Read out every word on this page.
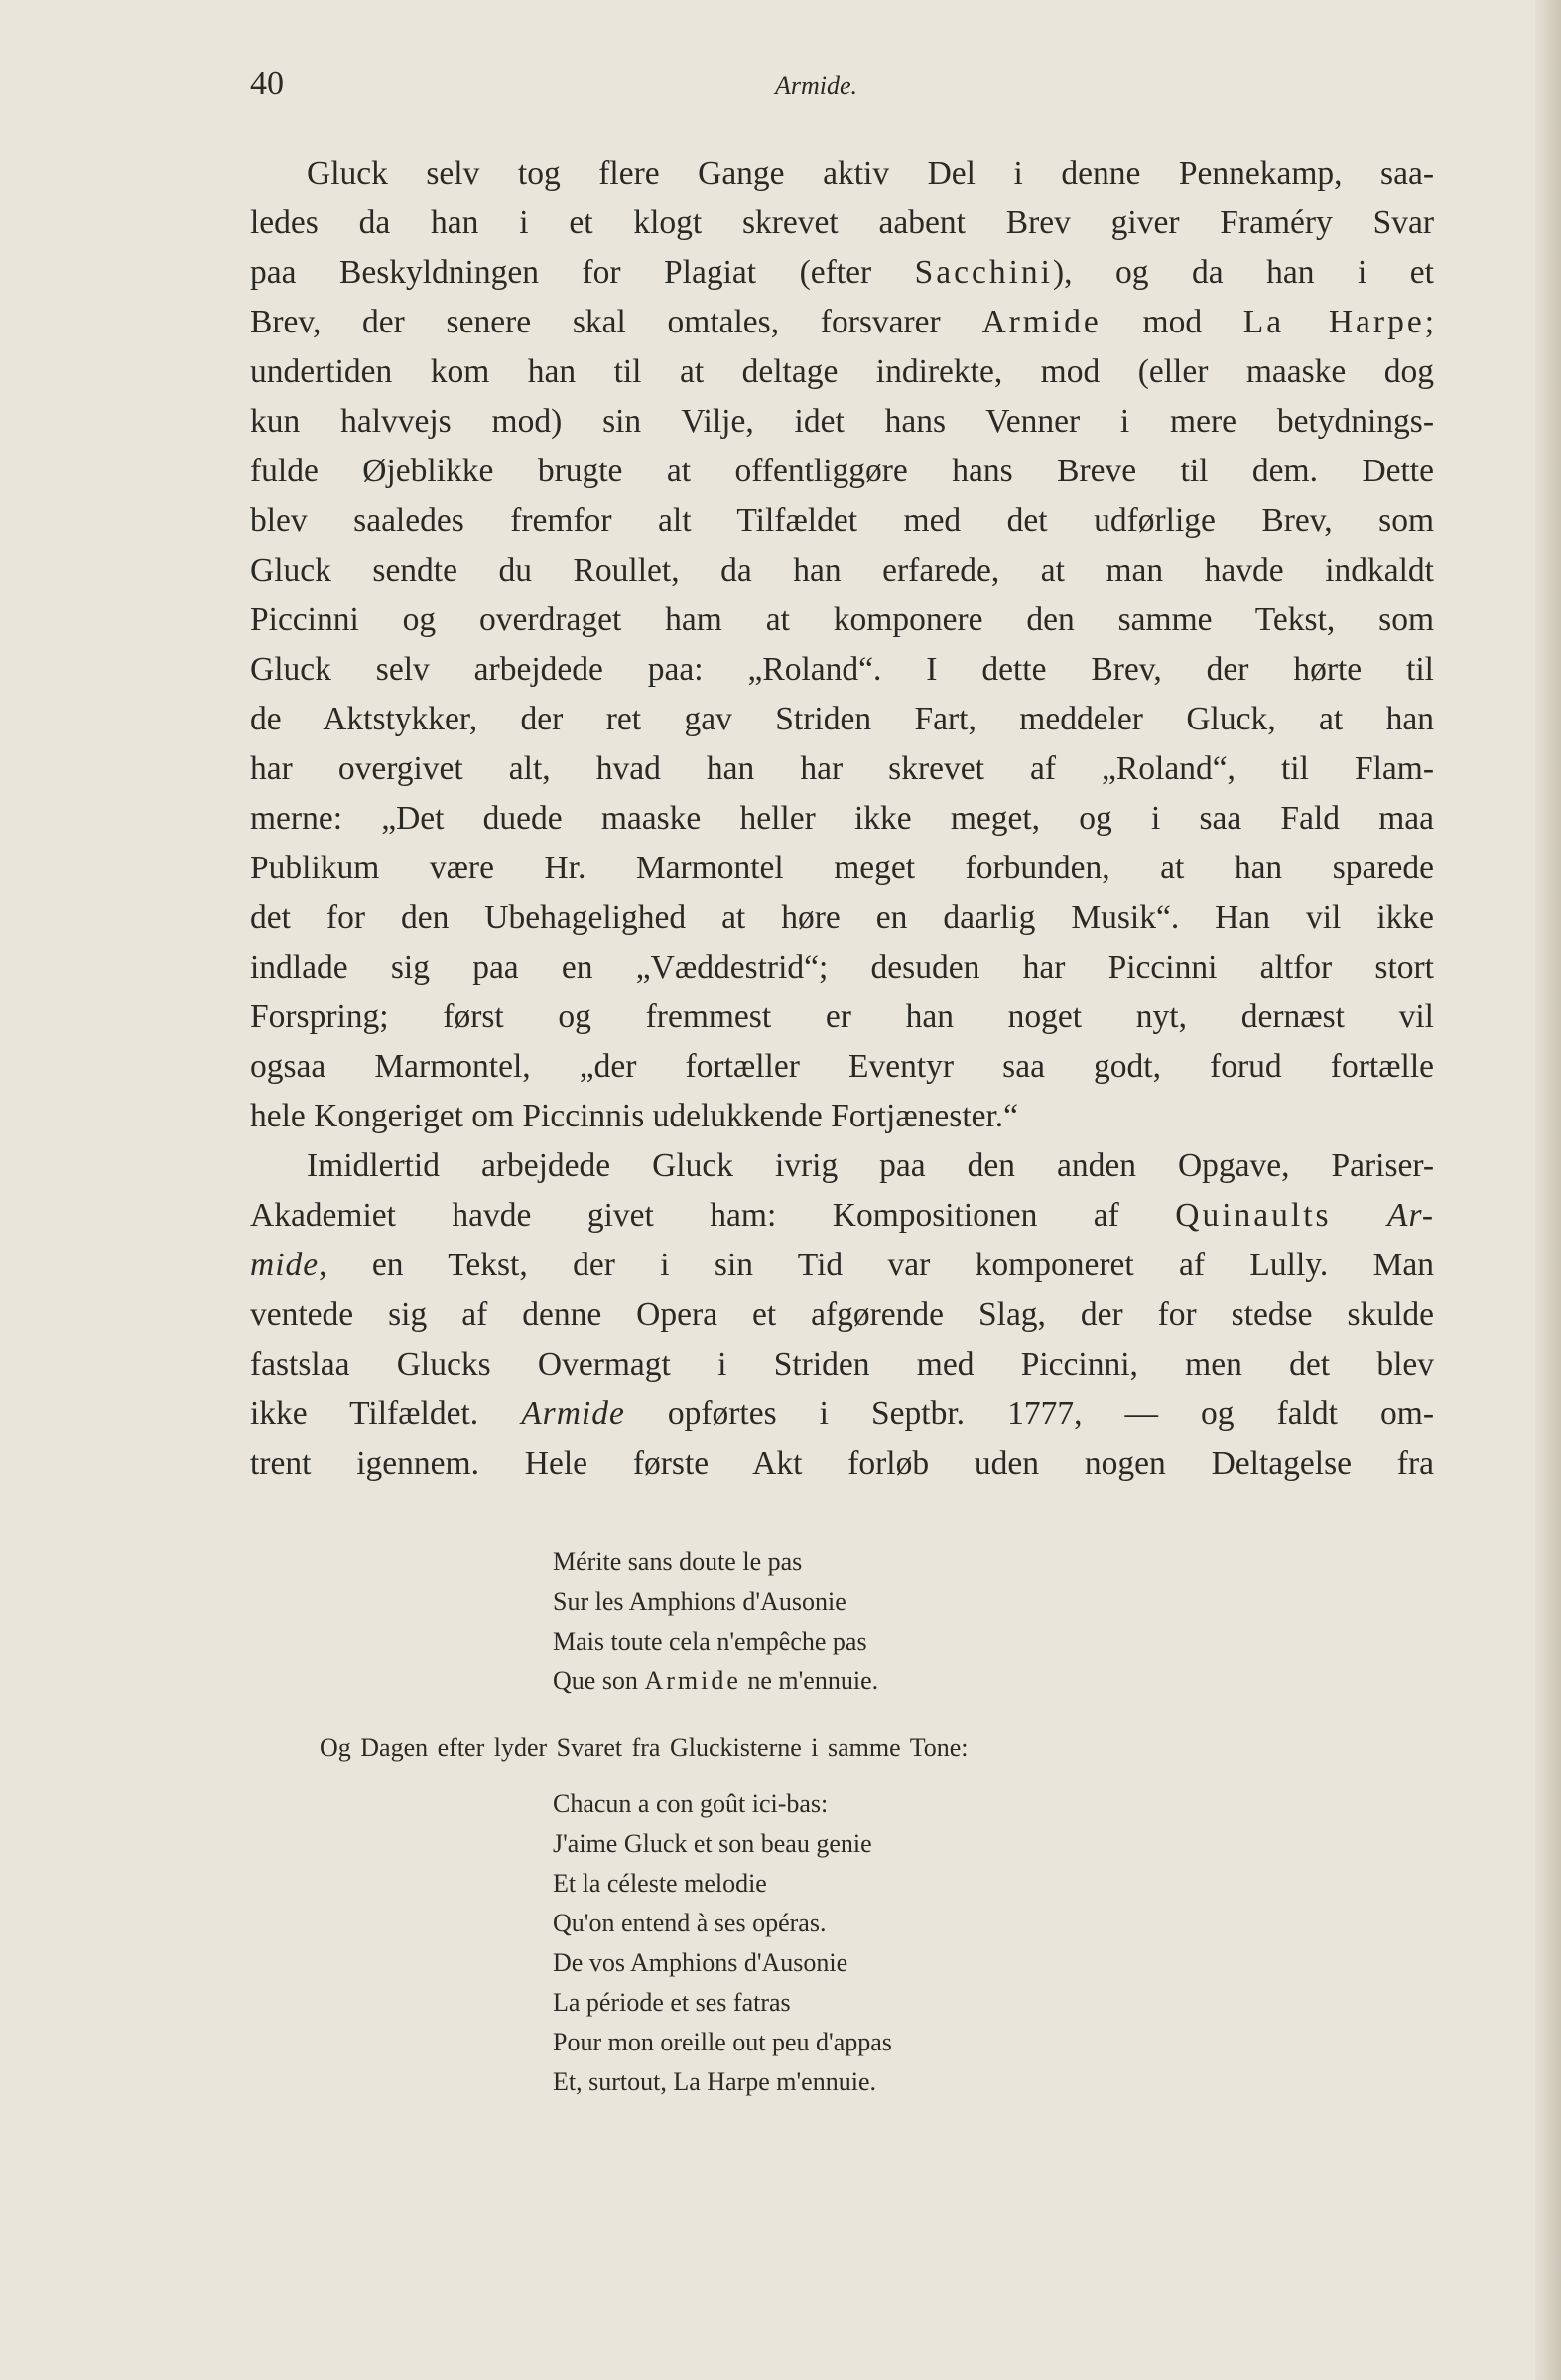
40	Armide.
Gluck selv tog flere Gange aktiv Del i denne Pennekamp, saa-
ledes da han i et klogt skrevet aabent Brev giver Framéry Svar
paa Beskyldningen for Plagiat (efter Sacchini), og da han i et
Brev, der senere skal omtales, forsvarer Armide mod La Harpe;
undertiden kom han til at deltage indirekte, mod (eller maaske dog
kun halvvejs mod) sin Vilje, idet hans Venner i mere betydnings-
fulde Øjeblikke brugte at offentliggøre hans Breve til dem. Dette
blev saaledes fremfor alt Tilfældet med det udførlige Brev, som
Gluck sendte du Roullet, da han erfarede, at man havde indkaldt
Piccinni og overdraget ham at komponere den samme Tekst, som
Gluck selv arbejdede paa: „Roland“. I dette Brev, der hørte til
de Aktstykker, der ret gav Striden Fart, meddeler Gluck, at han
har overgivet alt, hvad han har skrevet af „Roland“, til Flam-
merne: „Det duede maaske heller ikke meget, og i saa Fald maa
Publikum være Hr. Marmontel meget forbunden, at han sparede
det for den Ubehagelighed at høre en daarlig Musik“. Han vil ikke
indlade sig paa en „Væddestrid“; desuden har Piccinni altfor stort
Forspring; først og fremmest er han noget nyt, dernæst vil
ogsaa Marmontel, „der fortæller Eventyr saa godt, forud fortælle
hele Kongeriget om Piccinnis udelukkende Fortjænester.“
Imidlertid arbejdede Gluck ivrig paa den anden Opgave, Pariser-
Akademiet havde givet ham: Kompositionen af Quinaults Ar-
mide, en Tekst, der i sin Tid var komponeret af Lully. Man
ventede sig af denne Opera et afgørende Slag, der for stedse skulde
fastslaa Glucks Overmagt i Striden med Piccinni, men det blev
ikke Tilfældet. Armide opførtes i Septbr. 1777, — og faldt om-
trent igennem. Hele første Akt forløb uden nogen Deltagelse fra
Mérite sans doute le pas
Sur les Amphions d'Ausonie
Mais toute cela n'empêche pas
Que son Armide ne m'ennuie.
Og Dagen efter lyder Svaret fra Gluckisterne i samme Tone:
Chacun a con goût ici-bas:
J'aime Gluck et son beau genie
Et la céleste melodie
Qu'on entend à ses opéras.
De vos Amphions d'Ausonie
La période et ses fatras
Pour mon oreille out peu d'appas
Et, surtout, La Harpe m'ennuie.
